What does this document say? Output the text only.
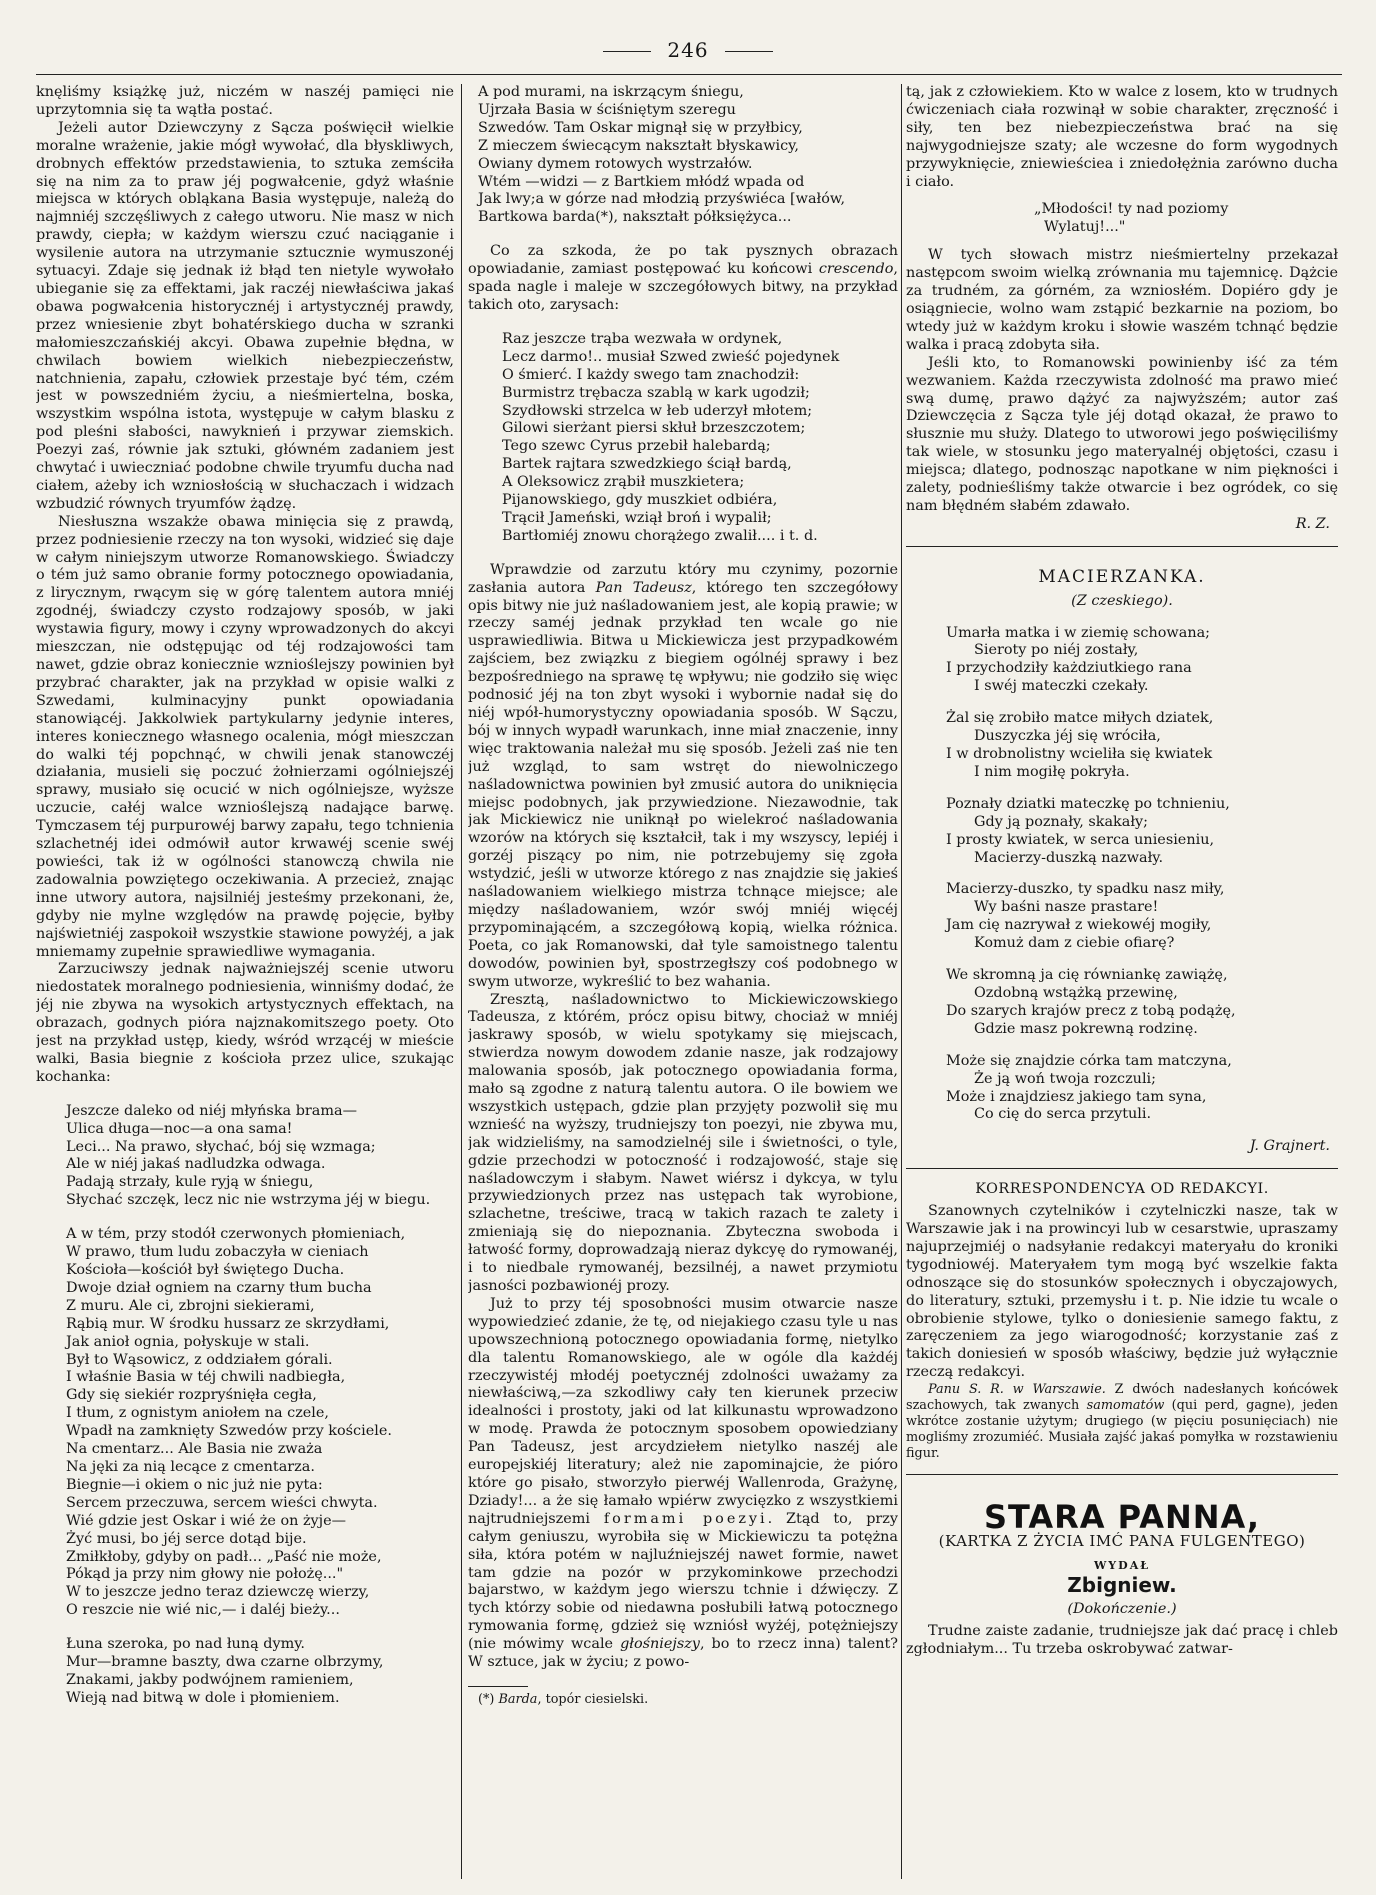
246

knęliśmy książkę już, niczém w naszéj pamięci nie uprzytomnia się ta wątła postać.

Jeżeli autor Dziewczyny z Sącza poświęcił wielkie moralne wrażenie, jakie mógł wywołać, dla błyskliwych, drobnych effektów przedstawienia, to sztuka zemściła się na nim za to praw jéj pogwałcenie, gdyż właśnie miejsca w których obląkana Basia występuje, należą do najmniéj szczęśliwych z całego utworu. Nie masz w nich prawdy, ciepła; w każdym wierszu czuć naciąganie i wysilenie autora na utrzymanie sztucznie wymuszonéj sytuacyi. Zdaje się jednak iż błąd ten nietyle wywołało ubieganie się za effektami, jak raczéj niewłaściwa jakaś obawa pogwałcenia historycznéj i artystycznéj prawdy, przez wniesienie zbyt bohatérskiego ducha w szranki małomieszczańskiéj akcyi. Obawa zupełnie błędna, w chwilach bowiem wielkich niebezpieczeństw, natchnienia, zapału, człowiek przestaje być tém, czém jest w powszedniém życiu, a nieśmiertelna, boska, wszystkim wspólna istota, występuje w całym blasku z pod pleśni słabości, nawyknień i przywar ziemskich. Poezyi zaś, równie jak sztuki, główném zadaniem jest chwytać i uwieczniać podobne chwile tryumfu ducha nad ciałem, ażeby ich wzniosłością w słuchaczach i widzach wzbudzić równych tryumfów żądzę.

Niesłuszna wszakże obawa minięcia się z prawdą, przez podniesienie rzeczy na ton wysoki, widzieć się daje w całym niniejszym utworze Romanowskiego. Świadczy o tém już samo obranie formy potocznego opowiadania, z lirycznym, rwącym się w górę talentem autora mniéj zgodnéj, świadczy czysto rodzajowy sposób, w jaki wystawia figury, mowy i czyny wprowadzonych do akcyi mieszczan, nie odstępując od téj rodzajowości tam nawet, gdzie obraz koniecznie wznioślejszy powinien był przybrać charakter, jak na przykład w opisie walki z Szwedami, kulminacyjny punkt opowiadania stanowiącéj. Jakkolwiek partykularny jedynie interes, interes koniecznego własnego ocalenia, mógł mieszczan do walki téj popchnąć, w chwili jenak stanowczéj działania, musieli się poczuć żołnierzami ogólniejszéj sprawy, musiało się ocucić w nich ogólniejsze, wyższe uczucie, całéj walce wznioślejszą nadające barwę. Tymczasem téj purpurowéj barwy zapału, tego tchnienia szlachetnéj idei odmówił autor krwawéj scenie swéj powieści, tak iż w ogólności stanowczą chwila nie zadowalnia powziętego oczekiwania. A przecież, znając inne utwory autora, najsilniéj jesteśmy przekonani, że, gdyby nie mylne względów na prawdę pojęcie, byłby najświetniéj zaspokoił wszystkie stawione powyżéj, a jak mniemamy zupełnie sprawiedliwe wymagania.

Zarzuciwszy jednak najważniejszéj scenie utworu niedostatek moralnego podniesienia, winniśmy dodać, że jéj nie zbywa na wysokich artystycznych effektach, na obrazach, godnych pióra najznakomitszego poety. Oto jest na przykład ustęp, kiedy, wśród wrzącéj w mieście walki, Basia biegnie z kościoła przez ulice, szukając kochanka:

Jeszcze daleko od niéj młyńska brama—
Ulica długa—noc—a ona sama!
Leci... Na prawo, słychać, bój się wzmaga;
Ale w niéj jakaś nadludzka odwaga.
Padają strzały, kule ryją w śniegu,
Słychać szczęk, lecz nic nie wstrzyma jéj w biegu.
A w tém, przy stodół czerwonych płomieniach,
W prawo, tłum ludu zobaczyła w cieniach
Kościoła—kościół był świętego Ducha.
Dwoje dział ogniem na czarny tłum bucha
Z muru. Ale ci, zbrojni siekierami,
Rąbią mur. W środku hussarz ze skrzydłami,
Jak anioł ognia, połyskuje w stali.
Był to Wąsowicz, z oddziałem górali.
I właśnie Basia w téj chwili nadbiegła,
Gdy się siekiér rozpryśnięła cegła,
I tłum, z ognistym aniołem na czele,
Wpadł na zamknięty Szwedów przy kościele.
Na cmentarz... Ale Basia nie zważa
Na jęki za nią lecące z cmentarza.
Biegnie—i okiem o nic już nie pyta:
Sercem przeczuwa, sercem wieści chwyta.
Wié gdzie jest Oskar i wié że on żyje—
Żyć musi, bo jéj serce dotąd bije.
Zmiłkłoby, gdyby on padł... „Paść nie może,
Pókąd ja przy nim głowy nie położę..."
W to jeszcze jedno teraz dziewczę wierzy,
O reszcie nie wié nic,— i daléj bieży...
Łuna szeroka, po nad łuną dymy.
Mur—bramne baszty, dwa czarne olbrzymy,
Znakami, jakby podwójnem ramieniem,
Wieją nad bitwą w dole i płomieniem.
A pod murami, na iskrzącym śniegu,
Ujrzała Basia w ściśniętym szeregu
Szwedów. Tam Oskar mignął się w przyłbicy,
Z mieczem świecącym nakształt błyskawicy,
Owiany dymem rotowych wystrzałów.
Wtém —widzi — z Bartkiem młódź wpada od
Jak lwy;a w górze nad młodzią przyświéca [wałów,
Bartkowa barda(*), nakształt półksiężyca...

Co za szkoda, że po tak pysznych obrazach opowiadanie, zamiast postępować ku końcowi crescendo, spada nagle i maleje w szczegółowych bitwy, na przykład takich oto, zarysach:

Raz jeszcze trąba wezwała w ordynek,
Lecz darmo!.. musiał Szwed zwieść pojedynek
O śmierć. I każdy swego tam znachodził:
Burmistrz trębacza szablą w kark ugodził;
Szydłowski strzelca w łeb uderzył młotem;
Gilowi sierżant piersi skłuł brzeszczotem;
Tego szewc Cyrus przebił halebardą;
Bartek rajtara szwedzkiego ściął bardą,
A Oleksowicz zrąbił muszkietera;
Pijanowskiego, gdy muszkiet odbiéra,
Trącił Jameński, wziął broń i wypalił;
Bartłomiéj znowu chorążego zwalił.... i t. d.

Wprawdzie od zarzutu który mu czynimy, pozornie zasłania autora Pan Tadeusz, którego ten szczegółowy opis bitwy nie już naśladowaniem jest, ale kopią prawie; w rzeczy saméj jednak przykład ten wcale go nie usprawiedliwia. Bitwa u Mickiewicza jest przypadkowém zajściem, bez związku z biegiem ogólnéj sprawy i bez bezpośredniego na sprawę tę wpływu; nie godziło się więc podnosić jéj na ton zbyt wysoki i wybornie nadał się do niéj wpół-humorystyczny opowiadania sposób. W Sączu, bój w innych wypadł warunkach, inne miał znaczenie, inny więc traktowania należał mu się sposób. Jeżeli zaś nie ten już wzgląd, to sam wstręt do niewolniczego naśladownictwa powinien był zmusić autora do uniknięcia miejsc podobnych, jak przywiedzione. Niezawodnie, tak jak Mickiewicz nie uniknął po wielekroć naśladowania wzorów na których się kształcił, tak i my wszyscy, lepiéj i gorzéj piszący po nim, nie potrzebujemy się zgoła wstydzić, jeśli w utworze którego z nas znajdzie się jakieś naśladowaniem wielkiego mistrza tchnące miejsce; ale między naśladowaniem, wzór swój mniéj więcéj przypominającém, a szczegółową kopią, wielka różnica. Poeta, co jak Romanowski, dał tyle samoistnego talentu dowodów, powinien był, spostrzegłszy coś podobnego w swym utworze, wykreślić to bez wahania.

Zresztą, naśladownictwo to Mickiewiczowskiego Tadeusza, z którém, prócz opisu bitwy, chociaż w mniéj jaskrawy sposób, w wielu spotykamy się miejscach, stwierdza nowym dowodem zdanie nasze, jak rodzajowy malowania sposób, jak potocznego opowiadania forma, mało są zgodne z naturą talentu autora. O ile bowiem we wszystkich ustępach, gdzie plan przyjęty pozwolił się mu wznieść na wyższy, trudniejszy ton poezyi, nie zbywa mu, jak widzieliśmy, na samodzielnéj sile i świetności, o tyle, gdzie przechodzi w potoczność i rodzajowość, staje się naśladowczym i słabym. Nawet wiérsz i dykcya, w tylu przywiedzionych przez nas ustępach tak wyrobione, szlachetne, treściwe, tracą w takich razach te zalety i zmieniają się do niepoznania. Zbyteczna swoboda i łatwość formy, doprowadzają nieraz dykcyę do rymowanéj, i to niedbale rymowanéj, bezsilnéj, a nawet przymiotu jasności pozbawionéj prozy.

Już to przy téj sposobności musim otwarcie nasze wypowiedzieć zdanie, że tę, od niejakiego czasu tyle u nas upowszechnioną potocznego opowiadania formę, nietylko dla talentu Romanowskiego, ale w ogóle dla każdéj rzeczywistéj młodéj poetycznéj zdolności uważamy za niewłaściwą,—za szkodliwy cały ten kierunek przeciw idealności i prostoty, jaki od lat kilkunastu wprowadzono w modę. Prawda że potocznym sposobem opowiedziany Pan Tadeusz, jest arcydziełem nietylko naszéj ale europejskiéj literatury; ależ nie zapominajcie, że pióro które go pisało, stworzyło pierwéj Wallenroda, Grażynę, Dziady!... a że się łamało wpiérw zwycięzko z wszystkiemi najtrudniejszemi formami poezyi. Ztąd to, przy całym geniuszu, wyrobiła się w Mickiewiczu ta potężna siła, która potém w najluźniejszéj nawet formie, nawet tam gdzie na pozór w przykominkowe przechodzi bajarstwo, w każdym jego wierszu tchnie i dźwięczy. Z tych którzy sobie od niedawna posłubili łatwą potocznego rymowania formę, gdzież się wzniósł wyżéj, potężniejszy (nie mówimy wcale głośniejszy, bo to rzecz inna) talent? W sztuce, jak w życiu; z powo-

(*) Barda, topór ciesielski.

tą, jak z człowiekiem. Kto w walce z losem, kto w trudnych ćwiczeniach ciała rozwinął w sobie charakter, zręczność i siły, ten bez niebezpieczeństwa brać na się najwygodniejsze szaty; ale wczesne do form wygodnych przywyknięcie, zniewieściea i zniedołężnia zarówno ducha i ciało.

„Młodości! ty nad poziomy
Wylatuj!..."

W tych słowach mistrz nieśmiertelny przekazał następcom swoim wielką zrównania mu tajemnicę. Dążcie za trudném, za górném, za wzniosłém. Dopiéro gdy je osiągniecie, wolno wam zstąpić bezkarnie na poziom, bo wtedy już w każdym kroku i słowie waszém tchnąć będzie walka i pracą zdobyta siła.

Jeśli kto, to Romanowski powinienby iść za tém wezwaniem. Każda rzeczywista zdolność ma prawo mieć swą dumę, prawo dążyć za najwyższém; autor zaś Dziewczęcia z Sącza tyle jéj dotąd okazał, że prawo to słusznie mu służy. Dlatego to utworowi jego poświęciliśmy tak wiele, w stosunku jego materyalnéj objętości, czasu i miejsca; dlatego, podnosząc napotkane w nim piękności i zalety, podnieśliśmy także otwarcie i bez ogródek, co się nam błędném słabém zdawało.

R. Z.
MACIERZANKA.
(Z czeskiego).
Umarła matka i w ziemię schowana;
Sieroty po niéj zostały,
I przychodziły każdziutkiego rana
I swéj mateczki czekały.
Żal się zrobiło matce miłych dziatek,
Duszyczka jéj się wróciła,
I w drobnolistny wcieliła się kwiatek
I nim mogiłę pokryła.
Poznały dziatki mateczkę po tchnieniu,
Gdy ją poznały, skakały;
I prosty kwiatek, w serca uniesieniu,
Macierzy-duszką nazwały.
Macierzy-duszko, ty spadku nasz miły,
Wy baśni nasze prastare!
Jam cię nazrywał z wiekowéj mogiły,
Komuż dam z ciebie ofiarę?
We skromną ja cię równiankę zawiążę,
Ozdobną wstążką przewinę,
Do szarych krajów precz z tobą podążę,
Gdzie masz pokrewną rodzinę.
Może się znajdzie córka tam matczyna,
Że ją woń twoja rozczuli;
Może i znajdziesz jakiego tam syna,
Co cię do serca przytuli.
J. Grajnert.
KORRESPONDENCYA OD REDAKCYI.

Szanownych czytelników i czytelniczki nasze, tak w Warszawie jak i na prowincyi lub w cesarstwie, upraszamy najuprzejmiéj o nadsyłanie redakcyi materyału do kroniki tygodniowéj. Materyałem tym mogą być wszelkie fakta odnoszące się do stosunków społecznych i obyczajowych, do literatury, sztuki, przemysłu i t. p. Nie idzie tu wcale o obrobienie stylowe, tylko o doniesienie samego faktu, z zaręczeniem za jego wiarogodność; korzystanie zaś z takich doniesień w sposób właściwy, będzie już wyłącznie rzeczą redakcyi.

Panu S. R. w Warszawie. Z dwóch nadesłanych końcówek szachowych, tak zwanych samomatów (qui perd, gagne), jeden wkrótce zostanie użytym; drugiego (w pięciu posunięciach) nie mogliśmy zrozumiéć. Musiała zajść jakaś pomyłka w rozstawieniu figur.

STARA PANNA,
(KARTKA Z ŻYCIA IMĆ PANA FULGENTEGO)
WYDAŁ
Zbigniew.
(Dokończenie.)

Trudne zaiste zadanie, trudniejsze jak dać pracę i chleb zgłodniałym... Tu trzeba oskrobywać zatwar-
